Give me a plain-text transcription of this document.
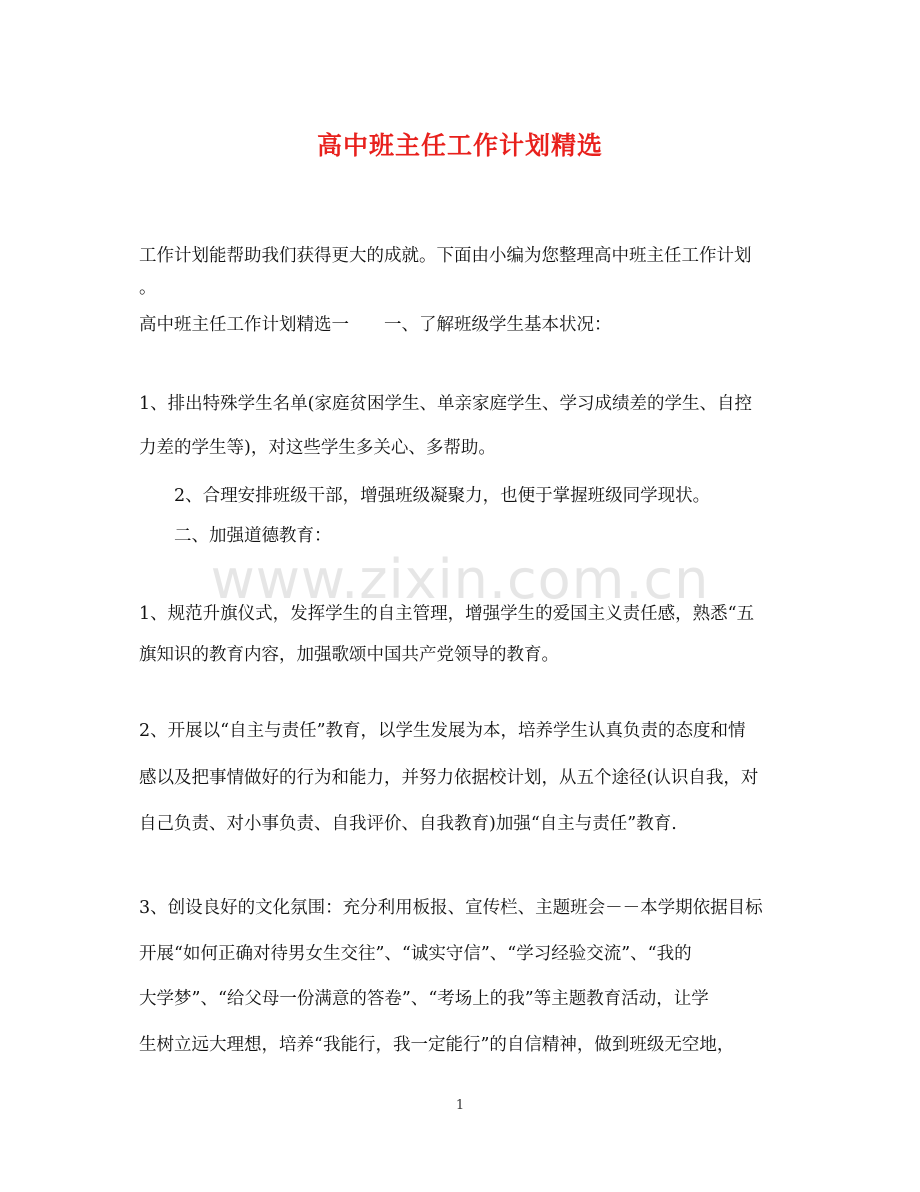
高中班主任工作计划精选
工作计划能帮助我们获得更大的成就。下面由小编为您整理高中班主任工作计划
。
高中班主任工作计划精选一　　一、了解班级学生基本状况：
1、排出特殊学生名单(家庭贫困学生、单亲家庭学生、学习成绩差的学生、自控
力差的学生等)，对这些学生多关心、多帮助。
2、合理安排班级干部，增强班级凝聚力，也便于掌握班级同学现状。
二、加强道德教育：
1、规范升旗仪式，发挥学生的自主管理，增强学生的爱国主义责任感，熟悉“五
旗知识的教育内容，加强歌颂中国共产党领导的教育。
2、开展以“自主与责任”教育，以学生发展为本，培养学生认真负责的态度和情
感以及把事情做好的行为和能力，并努力依据校计划，从五个途径(认识自我，对
自己负责、对小事负责、自我评价、自我教育)加强“自主与责任”教育.
3、创设良好的文化氛围：充分利用板报、宣传栏、主题班会－－本学期依据目标
开展“如何正确对待男女生交往”、“诚实守信”、“学习经验交流”、“我的
大学梦”、“给父母一份满意的答卷”、“考场上的我”等主题教育活动，让学
生树立远大理想，培养“我能行，我一定能行”的自信精神，做到班级无空地，
www.zixin.com.cn
1
